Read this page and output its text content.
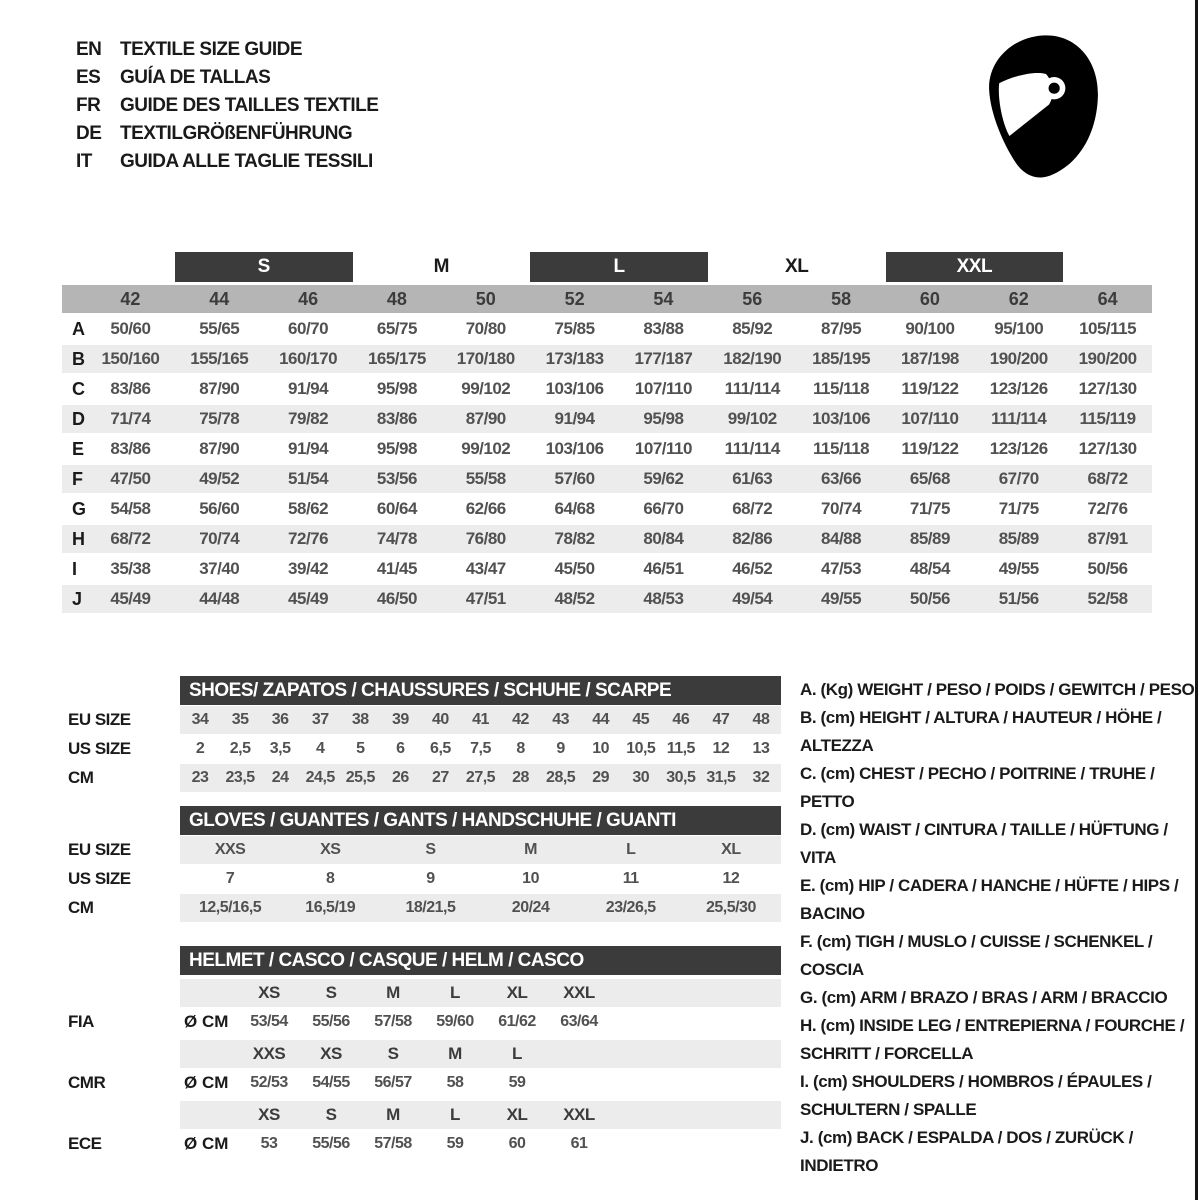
EN TEXTILE SIZE GUIDE
ES	GUÍA DE TALLAS
FR	GUIDE DES TAILLES TEXTILE
DE TEXTILGRÖßENFÜHRUNG
IT	GUIDA ALLE TAGLIE TESSILI
S	M	L	XL	XXL
42	44	46	48	50	52	54	56	58	60	62	64
A	50/60	55/65	60/70	65/75	70/80	75/85	83/88	85/92	87/95	90/100	95/100	105/115
B 150/160	155/165	160/170	165/175	170/180	173/183	177/187	182/190	185/195	187/198	190/200	190/200
C	83/86	87/90	91/94	95/98	99/102	103/106	107/110	111/114	115/118	119/122	123/126	127/130
D	71/74	75/78	79/82	83/86	87/90	91/94	95/98	99/102	103/106	107/110	111/114	115/119
E	83/86	87/90	91/94	95/98	99/102	103/106	107/110	111/114	115/118	119/122	123/126	127/130
F	47/50	49/52	51/54	53/56	55/58	57/60	59/62	61/63	63/66	65/68	67/70	68/72
G	54/58	56/60	58/62	60/64	62/66	64/68	66/70	68/72	70/74	71/75	71/75	72/76
H	68/72	70/74	72/76	74/78	76/80	78/82	80/84	82/86	84/88	85/89	85/89	87/91
I	35/38	37/40	39/42	41/45	43/47	45/50	46/51	46/52	47/53	48/54	49/55	50/56
J	45/49	44/48	45/49	46/50	47/51	48/52	48/53	49/54	49/55	50/56	51/56	52/58
SHOES/ ZAPATOS / CHAUSSURES / SCHUHE / SCARPE
EU SIZE	34	35	36	37	38	39	40	41	42	43	44	45	46	47	48
US SIZE	2	2,5	3,5	4	5	6	6,5	7,5	8	9	10	10,5 11,5	12	13
CM	23	23,5	24	24,5 25,5	26	27	27,5	28	28,5	29	30	30,5 31,5	32
GLOVES / GUANTES / GANTS / HANDSCHUHE / GUANTI
EU SIZE	XXS	XS	S	M	L	XL
US SIZE	7	8	9	10	11	12
CM	12,5/16,5	16,5/19	18/21,5	20/24	23/26,5	25,5/30
HELMET / CASCO / CASQUE / HELM / CASCO
XS	S	M	L	XL	XXL
FIA	Ø CM	53/54	55/56	57/58	59/60	61/62	63/64
XXS	XS	S	M	L
CMR	Ø CM	52/53	54/55	56/57	58	59
XS	S	M	L	XL	XXL
ECE	Ø CM	53	55/56	57/58	59	60	61
A. (Kg) WEIGHT / PESO / POIDS / GEWITCH / PESO
B. (cm) HEIGHT / ALTURA / HAUTEUR / HÖHE / ALTEZZA
C. (cm) CHEST / PECHO / POITRINE / TRUHE / PETTO
D. (cm) WAIST / CINTURA / TAILLE / HÜFTUNG / VITA
E. (cm) HIP / CADERA / HANCHE / HÜFTE / HIPS / BACINO
F. (cm) TIGH / MUSLO / CUISSE / SCHENKEL / COSCIA
G. (cm) ARM / BRAZO / BRAS / ARM / BRACCIO
H. (cm) INSIDE LEG / ENTREPIERNA / FOURCHE / SCHRITT / FORCELLA
I. (cm) SHOULDERS / HOMBROS / ÉPAULES / SCHULTERN / SPALLE
J. (cm) BACK / ESPALDA / DOS / ZURÜCK / INDIETRO
